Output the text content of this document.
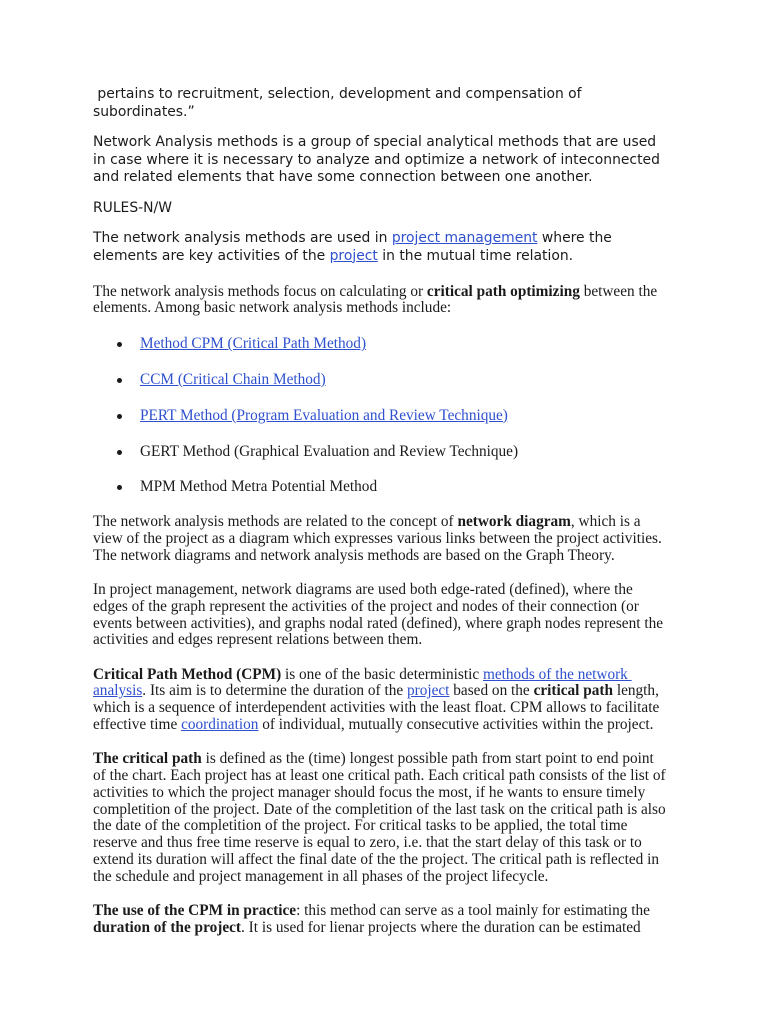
pertains to recruitment, selection, development and compensation of
subordinates.”
Network Analysis methods is a group of special analytical methods that are used
in case where it is necessary to analyze and optimize a network of inteconnected
and related elements that have some connection between one another.
RULES-N/W
The network analysis methods are used in project management where the
elements are key activities of the project in the mutual time relation.
The network analysis methods focus on calculating or critical path optimizing between the
elements. Among basic network analysis methods include:
Method CPM (Critical Path Method)
CCM (Critical Chain Method)
PERT Method (Program Evaluation and Review Technique)
GERT Method (Graphical Evaluation and Review Technique)
MPM Method Metra Potential Method
The network analysis methods are related to the concept of network diagram, which is a
view of the project as a diagram which expresses various links between the project activities.
The network diagrams and network analysis methods are based on the Graph Theory.
In project management, network diagrams are used both edge-rated (defined), where the
edges of the graph represent the activities of the project and nodes of their connection (or
events between activities), and graphs nodal rated (defined), where graph nodes represent the
activities and edges represent relations between them.
Critical Path Method (CPM) is one of the basic deterministic methods of the network
analysis. Its aim is to determine the duration of the project based on the critical path length,
which is a sequence of interdependent activities with the least float. CPM allows to facilitate
effective time coordination of individual, mutually consecutive activities within the project.
The critical path is defined as the (time) longest possible path from start point to end point
of the chart. Each project has at least one critical path. Each critical path consists of the list of
activities to which the project manager should focus the most, if he wants to ensure timely
completition of the project. Date of the completition of the last task on the critical path is also
the date of the completition of the project. For critical tasks to be applied, the total time
reserve and thus free time reserve is equal to zero, i.e. that the start delay of this task or to
extend its duration will affect the final date of the the project. The critical path is reflected in
the schedule and project management in all phases of the project lifecycle.
The use of the CPM in practice: this method can serve as a tool mainly for estimating the
duration of the project. It is used for lienar projects where the duration can be estimated
